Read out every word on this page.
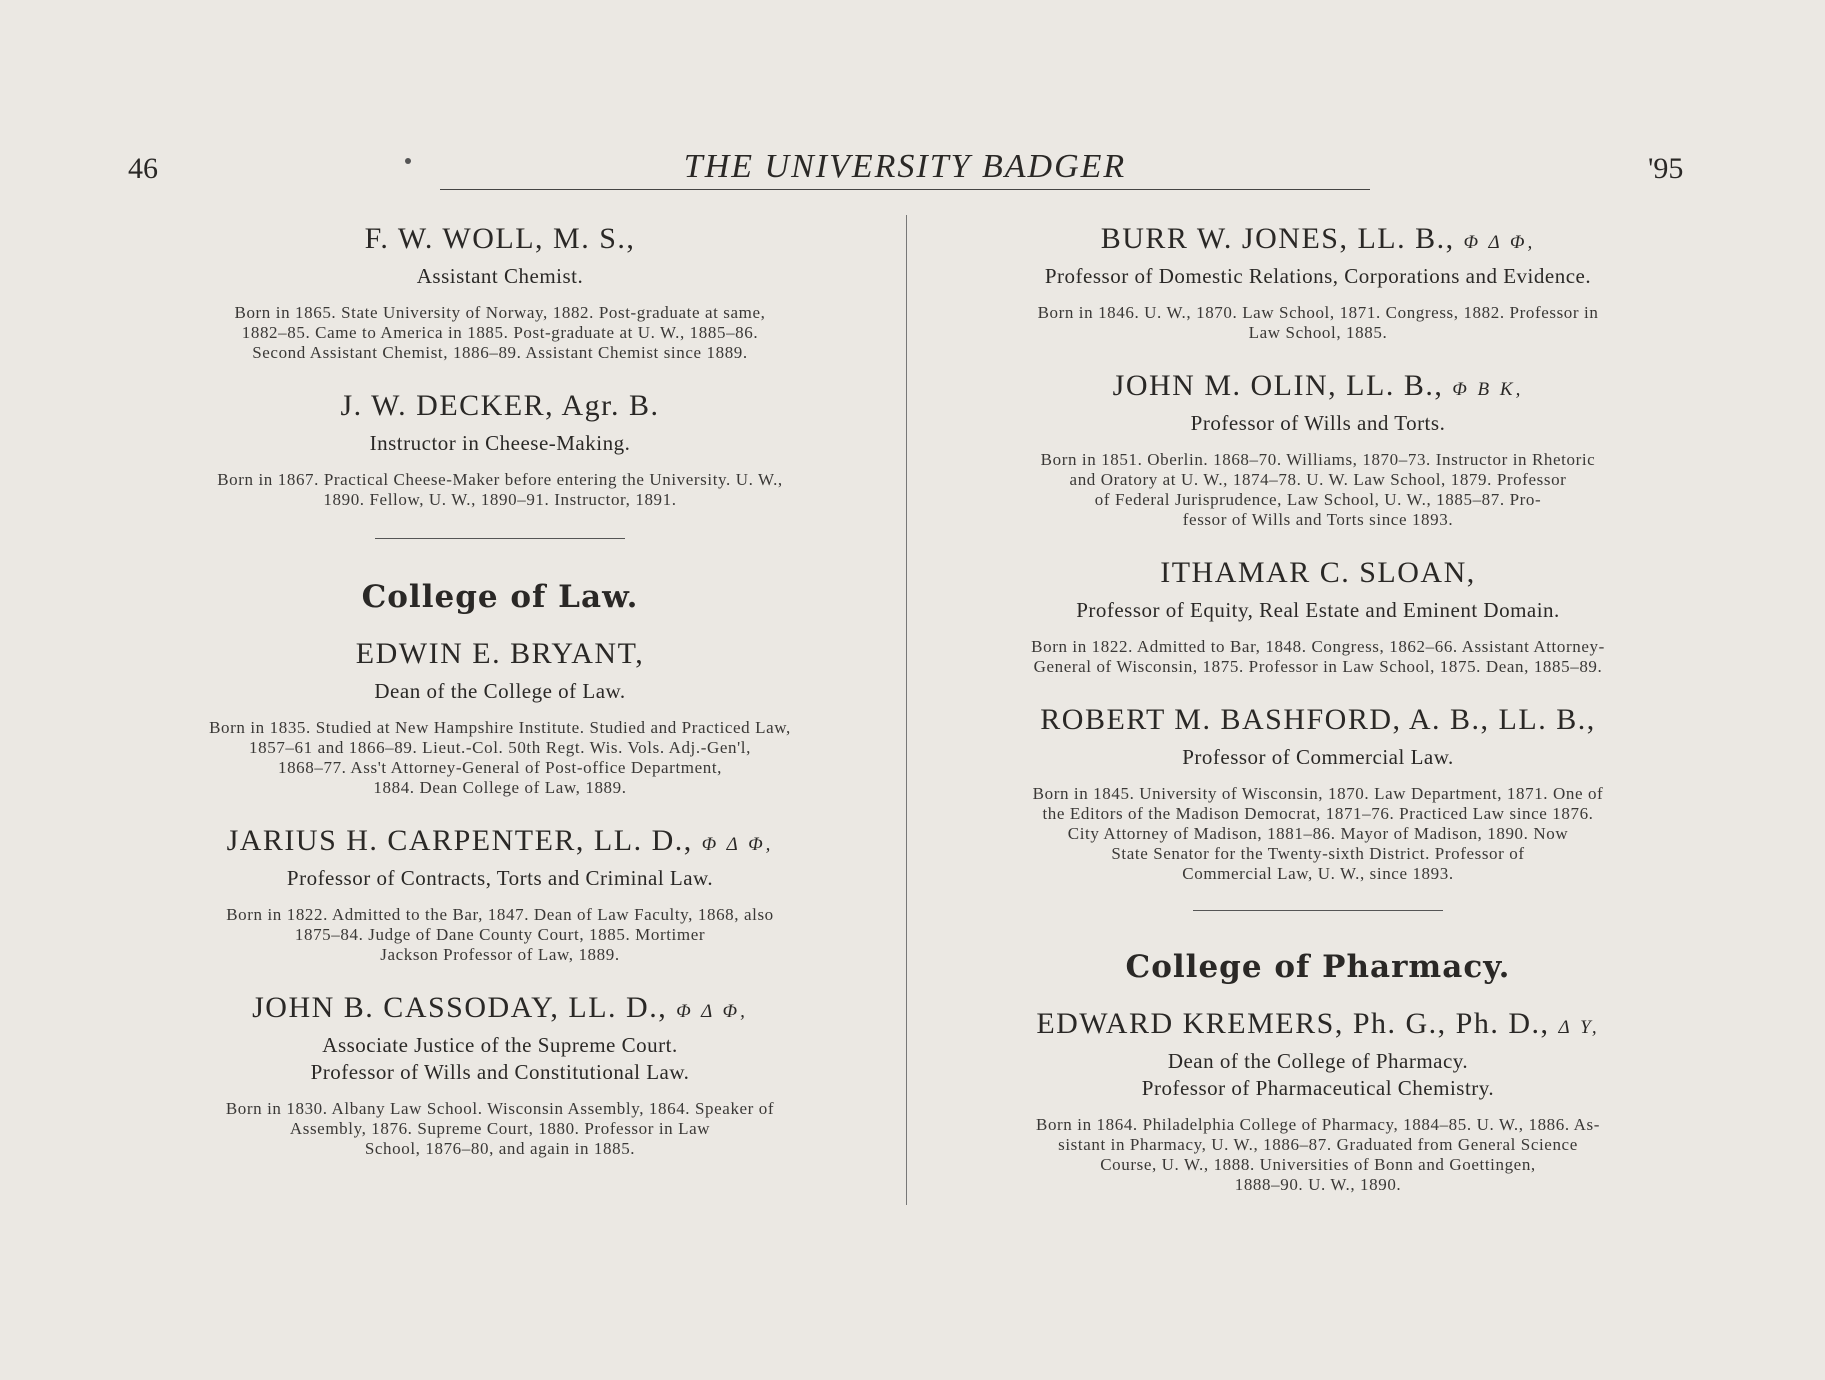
46	THE UNIVERSITY BADGER	'95
F. W. WOLL, M. S.,
Assistant Chemist.
Born in 1865. State University of Norway, 1882. Post-graduate at same,
1882–85. Came to America in 1885. Post-graduate at U. W., 1885–86.
Second Assistant Chemist, 1886–89. Assistant Chemist since 1889.
J. W. DECKER, Agr. B.
Instructor in Cheese-Making.
Born in 1867. Practical Cheese-Maker before entering the University. U. W.,
1890. Fellow, U. W., 1890–91. Instructor, 1891.
College of Law.
EDWIN E. BRYANT,
Dean of the College of Law.
Born in 1835. Studied at New Hampshire Institute. Studied and Practiced Law,
1857–61 and 1866–89. Lieut.-Col. 50th Regt. Wis. Vols. Adj.-Gen'l,
1868–77. Ass't Attorney-General of Post-office Department,
1884. Dean College of Law, 1889.
JARIUS H. CARPENTER, LL. D., Φ Δ Φ,
Professor of Contracts, Torts and Criminal Law.
Born in 1822. Admitted to the Bar, 1847. Dean of Law Faculty, 1868, also
1875–84. Judge of Dane County Court, 1885. Mortimer
Jackson Professor of Law, 1889.
JOHN B. CASSODAY, LL. D., Φ Δ Φ,
Associate Justice of the Supreme Court.
Professor of Wills and Constitutional Law.
Born in 1830. Albany Law School. Wisconsin Assembly, 1864. Speaker of
Assembly, 1876. Supreme Court, 1880. Professor in Law
School, 1876–80, and again in 1885.
BURR W. JONES, LL. B., Φ Δ Φ,
Professor of Domestic Relations, Corporations and Evidence.
Born in 1846. U. W., 1870. Law School, 1871. Congress, 1882. Professor in
Law School, 1885.
JOHN M. OLIN, LL. B., Φ Β Κ,
Professor of Wills and Torts.
Born in 1851. Oberlin. 1868–70. Williams, 1870–73. Instructor in Rhetoric
and Oratory at U. W., 1874–78. U. W. Law School, 1879. Professor
of Federal Jurisprudence, Law School, U. W., 1885–87. Pro-
fessor of Wills and Torts since 1893.
ITHAMAR C. SLOAN,
Professor of Equity, Real Estate and Eminent Domain.
Born in 1822. Admitted to Bar, 1848. Congress, 1862–66. Assistant Attorney-
General of Wisconsin, 1875. Professor in Law School, 1875. Dean, 1885–89.
ROBERT M. BASHFORD, A. B., LL. B.,
Professor of Commercial Law.
Born in 1845. University of Wisconsin, 1870. Law Department, 1871. One of
the Editors of the Madison Democrat, 1871–76. Practiced Law since 1876.
City Attorney of Madison, 1881–86. Mayor of Madison, 1890. Now
State Senator for the Twenty-sixth District. Professor of
Commercial Law, U. W., since 1893.
College of Pharmacy.
EDWARD KREMERS, Ph. G., Ph. D., Δ Υ,
Dean of the College of Pharmacy.
Professor of Pharmaceutical Chemistry.
Born in 1864. Philadelphia College of Pharmacy, 1884–85. U. W., 1886. As-
sistant in Pharmacy, U. W., 1886–87. Graduated from General Science
Course, U. W., 1888. Universities of Bonn and Goettingen,
1888–90. U. W., 1890.
